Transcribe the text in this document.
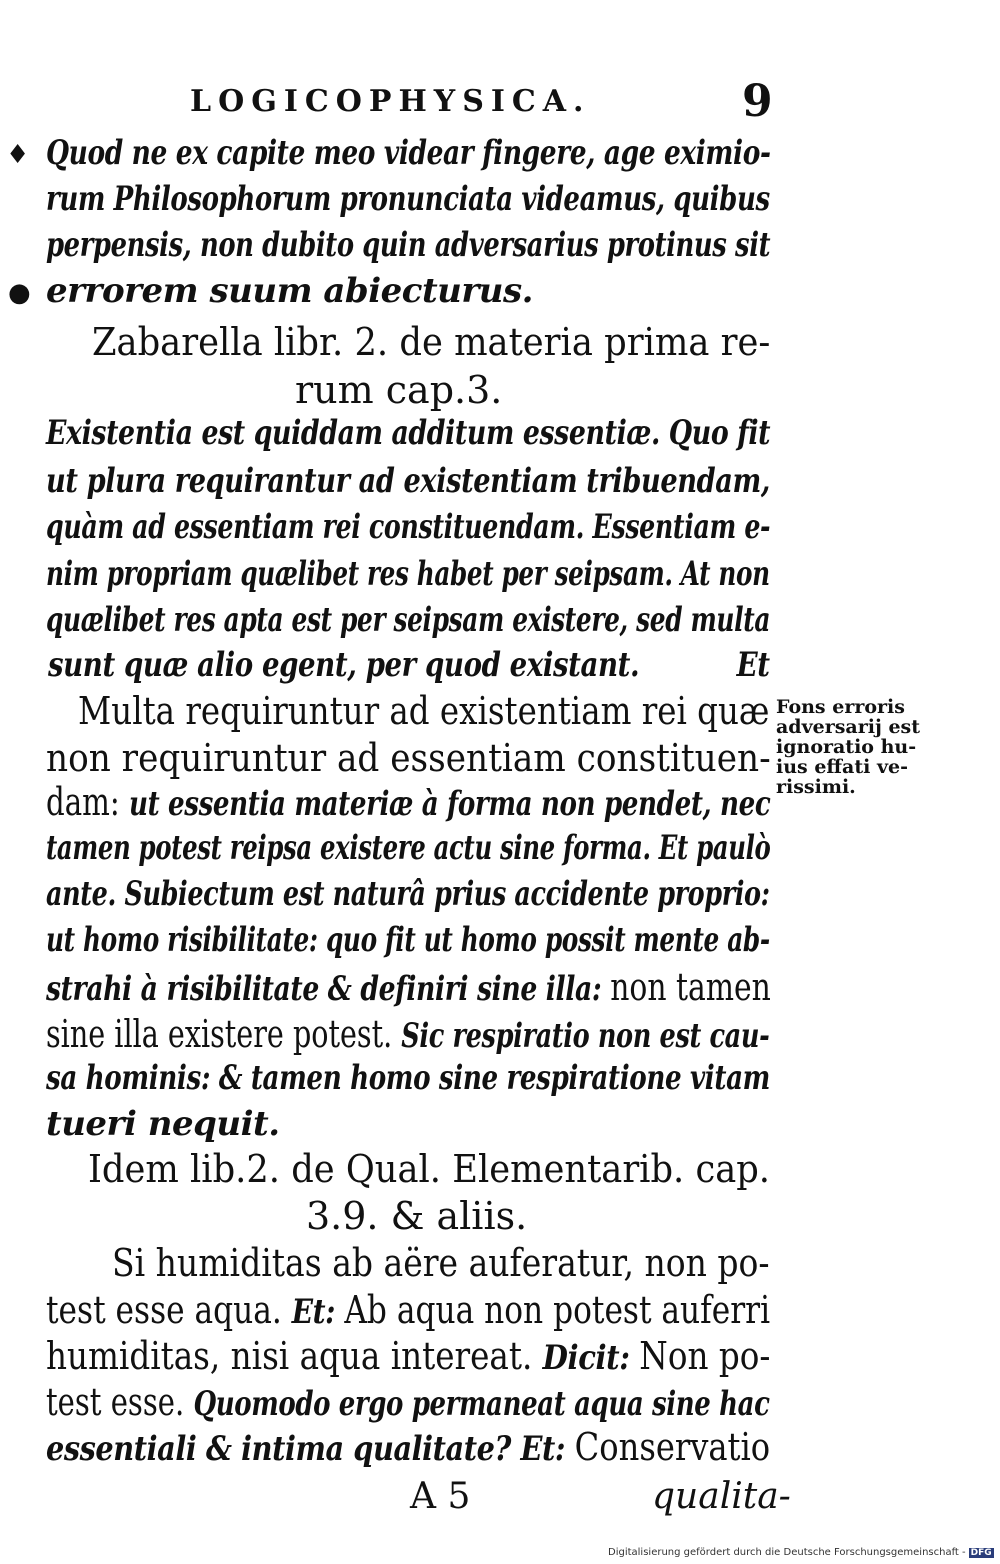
LOGICOPHYSICA.	9
♦
●
Quod ne ex capite meo videar fingere, age eximio-
rum Philosophorum pronunciata videamus, quibus
perpensis, non dubito quin adversarius protinus sit
errorem suum abiecturus.
Zabarella libr. 2. de materia prima re-
rum cap.3.
Existentia est quiddam additum essentiæ. Quo fit
ut plura requirantur ad existentiam tribuendam,
quàm ad essentiam rei constituendam. Essentiam e-
nim propriam quælibet res habet per seipsam. At non
quælibet res apta est per seipsam existere, sed multa
sunt quæ alio egent, per quod existant.	Et
Multa requiruntur ad existentiam rei quæ
non requiruntur ad essentiam constituen-
dam: ut essentia materiæ à forma non pendet, nec
tamen potest reipsa existere actu sine forma. Et paulò
ante. Subiectum est naturâ prius accidente proprio:
ut homo risibilitate: quo fit ut homo possit mente ab-
strahi à risibilitate & definiri sine illa: non tamen
sine illa existere potest. Sic respiratio non est cau-
sa hominis: & tamen homo sine respiratione vitam
tueri nequit.
Idem lib.2. de Qual. Elementarib. cap.
3.9. & aliis.
Si humiditas ab aëre auferatur, non po-
test esse aqua. Et: Ab aqua non potest auferri
humiditas, nisi aqua intereat. Dicit: Non po-
test esse. Quomodo ergo permaneat aqua sine hac
essentiali & intima qualitate? Et: Conservatio
Fons erroris
adversarij est
ignoratio hu-
ius effati ve-
rissimi.
A 5	qualita-
Digitalisierung gefördert durch die Deutsche Forschungsgemeinschaft - DFG
